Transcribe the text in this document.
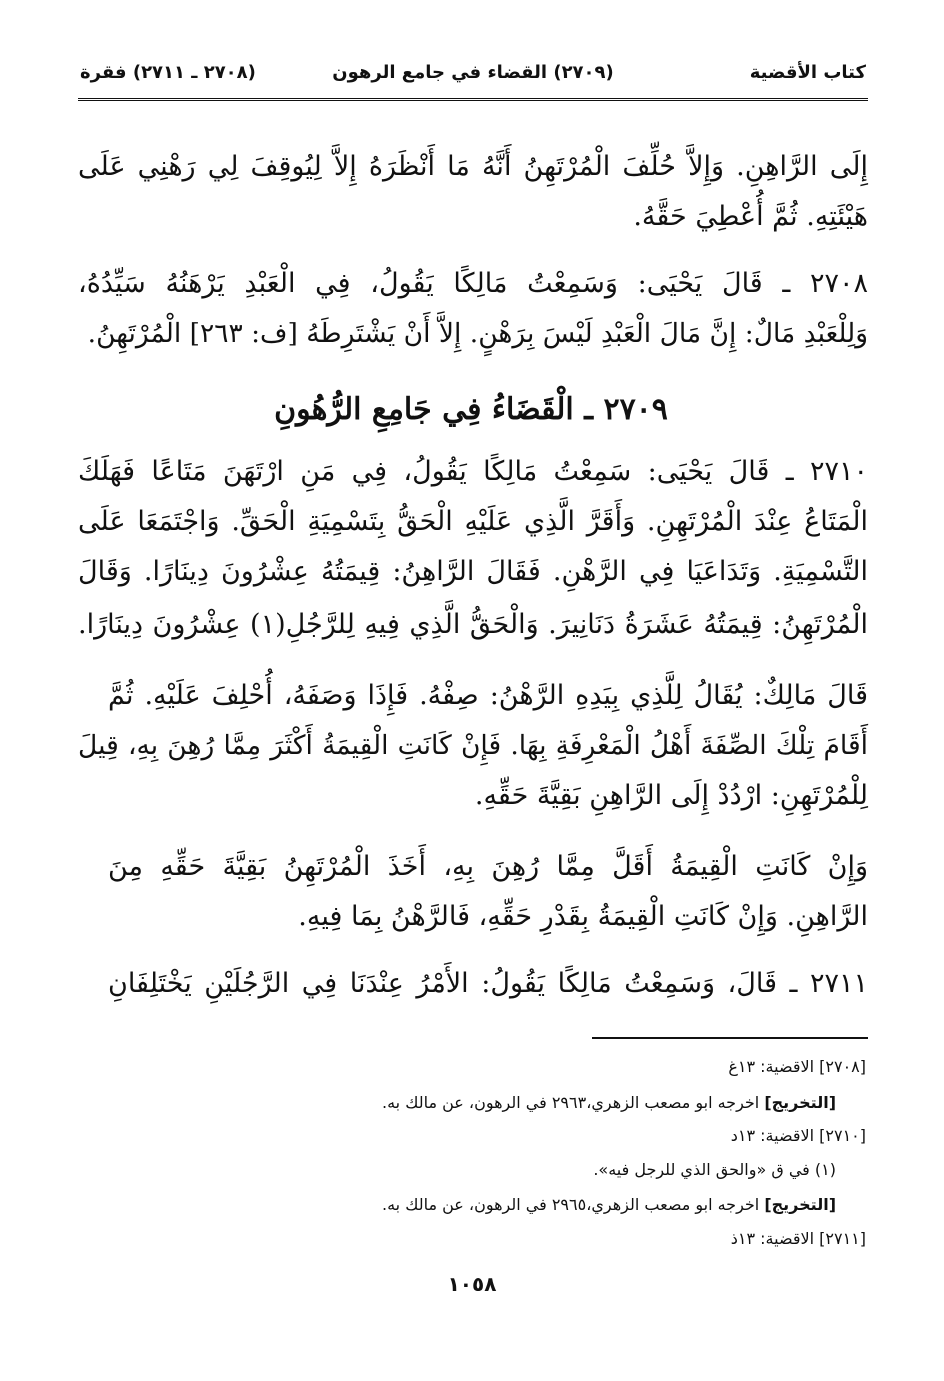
كتاب الأقضية
(٢٧٠٩) القضاء في جامع الرهون
(٢٧٠٨ ـ ٢٧١١) فقرة
إِلَى الرَّاهِنِ. وَإِلاَّ حُلِّفَ الْمُرْتَهِنُ أَنَّهُ مَا أَنْظَرَهُ إِلاَّ لِيُوقِفَ لِي رَهْنِي عَلَى
هَيْئَتِهِ. ثُمَّ أُعْطِيَ حَقَّهُ.
٢٧٠٨ ـ قَالَ يَحْيَى: وَسَمِعْتُ مَالِكًا يَقُولُ، فِي الْعَبْدِ يَرْهَنُهُ سَيِّدُهُ،
وَلِلْعَبْدِ مَالٌ: إِنَّ مَالَ الْعَبْدِ لَيْسَ بِرَهْنٍ. إِلاَّ أَنْ يَشْتَرِطَهُ [ف: ٢٦٣] الْمُرْتَهِنُ.
٢٧٠٩ ـ الْقَضَاءُ فِي جَامِعِ الرُّهُونِ
٢٧١٠ ـ قَالَ يَحْيَى: سَمِعْتُ مَالِكًا يَقُولُ، فِي مَنِ ارْتَهَنَ مَتَاعًا فَهَلَكَ
الْمَتَاعُ عِنْدَ الْمُرْتَهِنِ. وَأَقَرَّ الَّذِي عَلَيْهِ الْحَقُّ بِتَسْمِيَةِ الْحَقِّ. وَاجْتَمَعَا عَلَى
التَّسْمِيَةِ. وَتَدَاعَيَا فِي الرَّهْنِ. فَقَالَ الرَّاهِنُ: قِيمَتُهُ عِشْرُونَ دِينَارًا. وَقَالَ
الْمُرْتَهِنُ: قِيمَتُهُ عَشَرَةُ دَنَانِيرَ. وَالْحَقُّ الَّذِي فِيهِ لِلرَّجُلِ(١) عِشْرُونَ دِينَارًا.
قَالَ مَالِكٌ: يُقَالُ لِلَّذِي بِيَدِهِ الرَّهْنُ: صِفْهُ. فَإِذَا وَصَفَهُ، أُحْلِفَ عَلَيْهِ. ثُمَّ
أَقَامَ تِلْكَ الصِّفَةَ أَهْلُ الْمَعْرِفَةِ بِهَا. فَإِنْ كَانَتِ الْقِيمَةُ أَكْثَرَ مِمَّا رُهِنَ بِهِ، قِيلَ
لِلْمُرْتَهِنِ: ارْدُدْ إِلَى الرَّاهِنِ بَقِيَّةَ حَقِّهِ.
وَإِنْ كَانَتِ الْقِيمَةُ أَقَلَّ مِمَّا رُهِنَ بِهِ، أَخَذَ الْمُرْتَهِنُ بَقِيَّةَ حَقِّهِ مِنَ
الرَّاهِنِ. وَإِنْ كَانَتِ الْقِيمَةُ بِقَدْرِ حَقِّهِ، فَالرَّهْنُ بِمَا فِيهِ.
٢٧١١ ـ قَالَ، وَسَمِعْتُ مَالِكًا يَقُولُ: الأَمْرُ عِنْدَنَا فِي الرَّجُلَيْنِ يَخْتَلِفَانِ
[٢٧٠٨] الاقضية: ١٣غ
[التخريج] اخرجه ابو مصعب الزهري،٢٩٦٣ في الرهون، عن مالك به.
[٢٧١٠] الاقضية: ١٣د
(١) في ق «والحق الذي للرجل فيه».
[التخريج] اخرجه ابو مصعب الزهري،٢٩٦٥ في الرهون، عن مالك به.
[٢٧١١] الاقضية: ١٣ذ
١٠٥٨
